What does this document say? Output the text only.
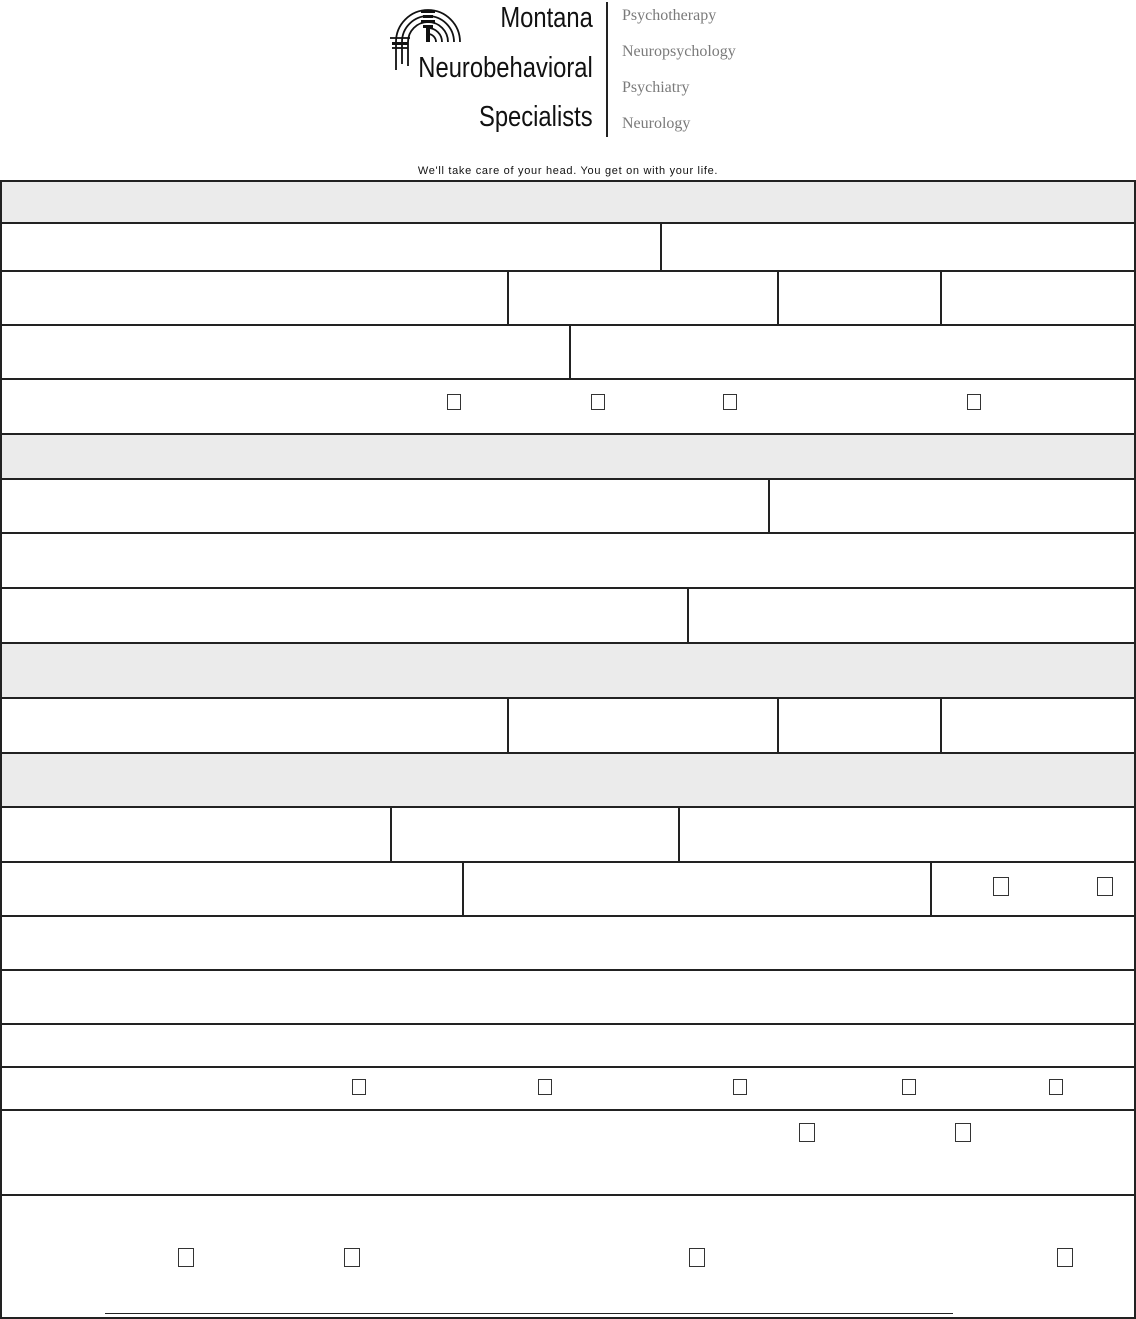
Montana
Neurobehavioral
Specialists
Psychotherapy
Neuropsychology
Psychiatry
Neurology
We'll take care of your head. You get on with your life.
